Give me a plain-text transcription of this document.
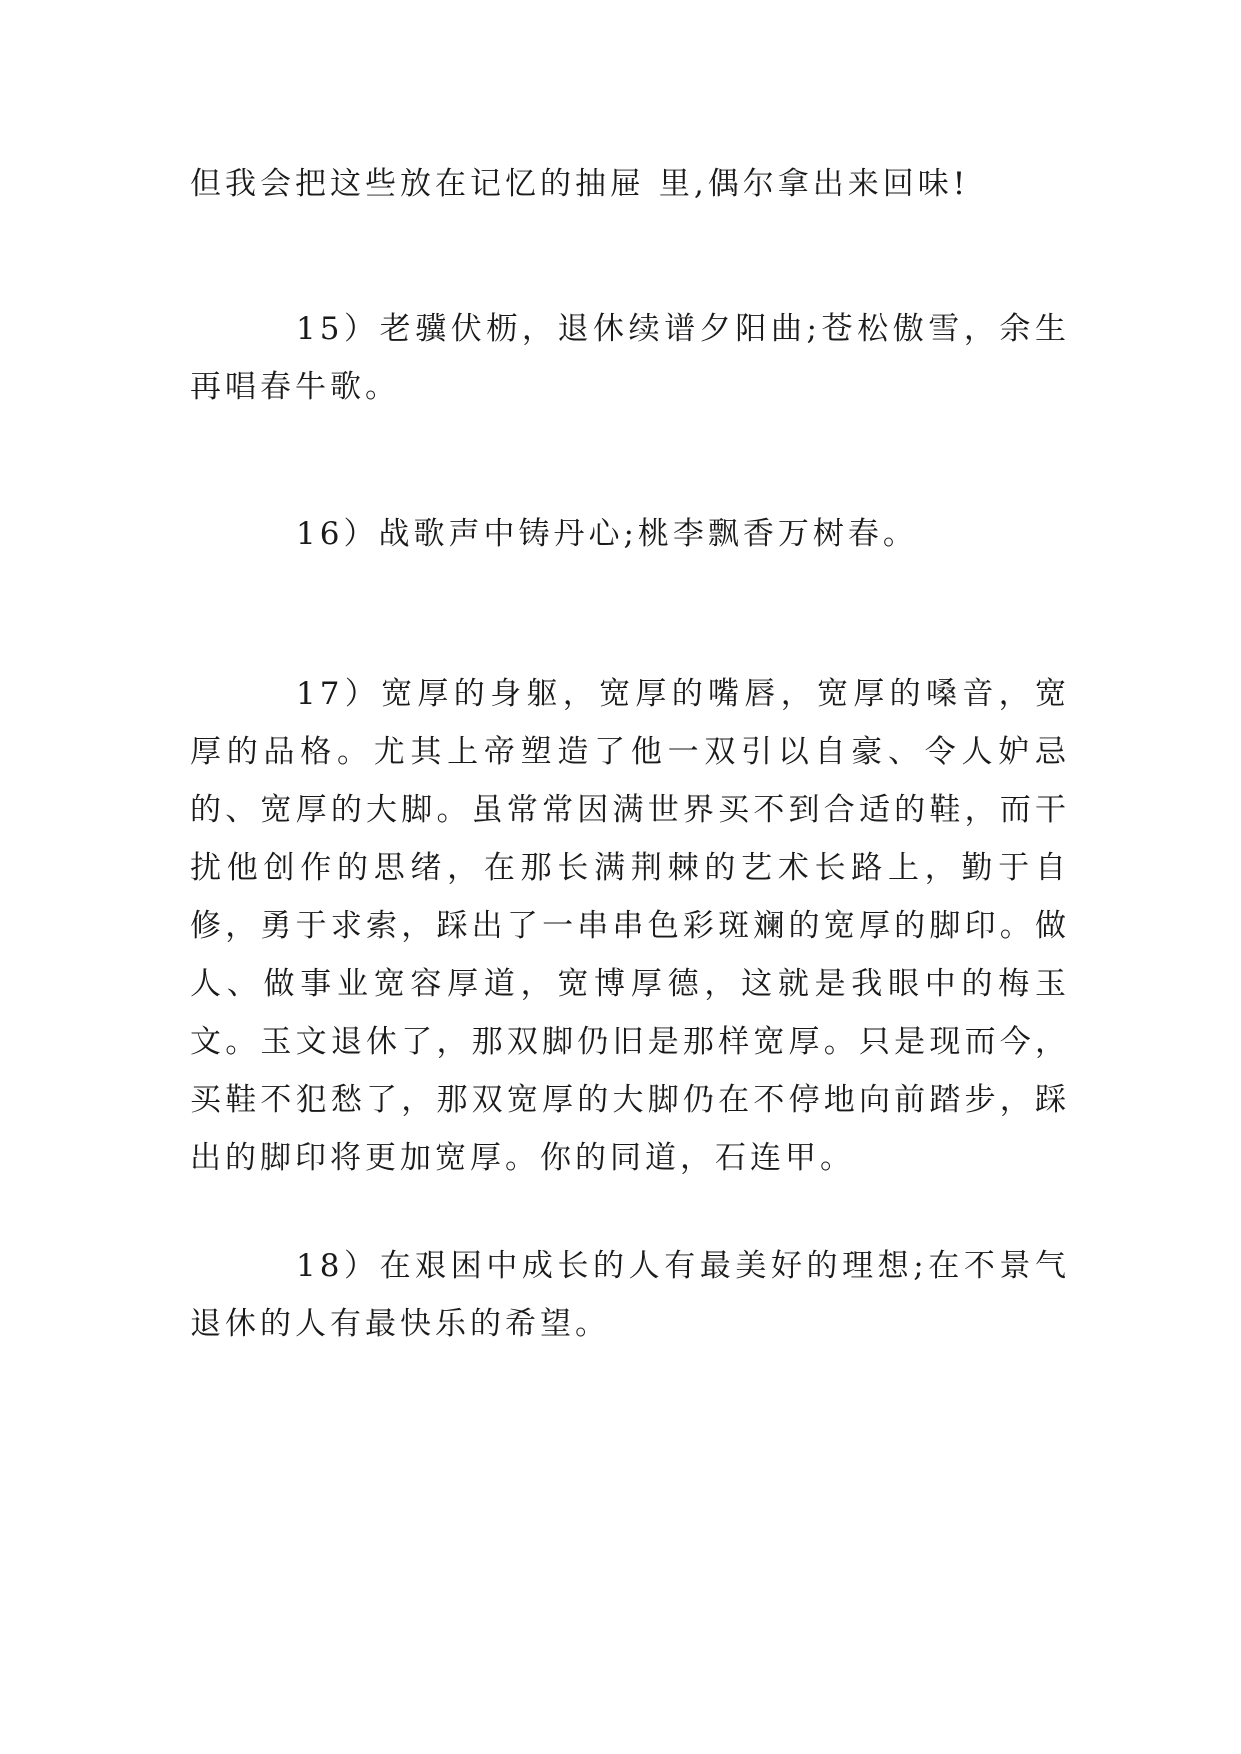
但我会把这些放在记忆的抽屉 里,偶尔拿出来回味!

15）老骥伏枥，退休续谱夕阳曲;苍松傲雪，余生再唱春牛歌。

16）战歌声中铸丹心;桃李飘香万树春。

17）宽厚的身躯，宽厚的嘴唇，宽厚的嗓音，宽厚的品格。尤其上帝塑造了他一双引以自豪、令人妒忌的、宽厚的大脚。虽常常因满世界买不到合适的鞋，而干扰他创作的思绪，在那长满荆棘的艺术长路上，勤于自修，勇于求索，踩出了一串串色彩斑斓的宽厚的脚印。做人、做事业宽容厚道，宽博厚德，这就是我眼中的梅玉文。玉文退休了，那双脚仍旧是那样宽厚。只是现而今，买鞋不犯愁了，那双宽厚的大脚仍在不停地向前踏步，踩出的脚印将更加宽厚。你的同道，石连甲。

18）在艰困中成长的人有最美好的理想;在不景气退休的人有最快乐的希望。
